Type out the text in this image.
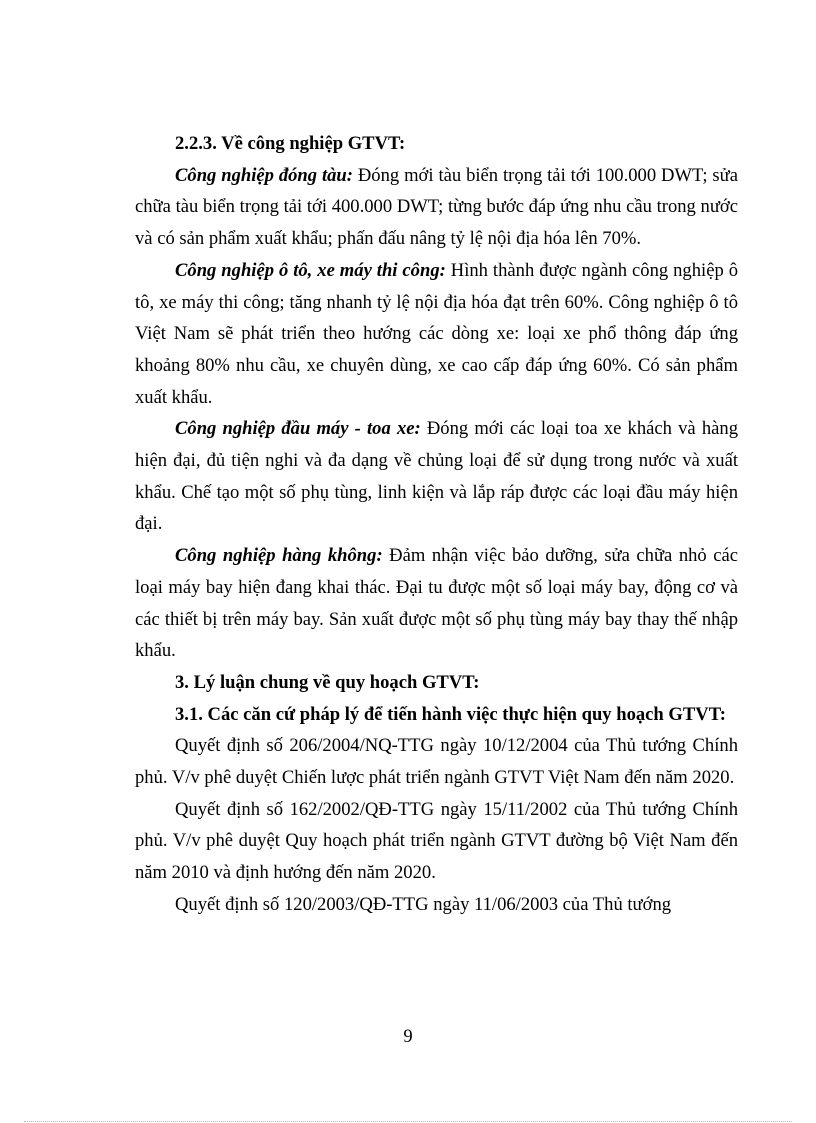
2.2.3. Về công nghiệp GTVT:

Công nghiệp đóng tàu: Đóng mới tàu biển trọng tải tới 100.000 DWT; sửa chữa tàu biển trọng tải tới 400.000 DWT; từng bước đáp ứng nhu cầu trong nước và có sản phẩm xuất khẩu; phấn đấu nâng tỷ lệ nội địa hóa lên 70%.

Công nghiệp ô tô, xe máy thi công: Hình thành được ngành công nghiệp ô tô, xe máy thi công; tăng nhanh tỷ lệ nội địa hóa đạt trên 60%. Công nghiệp ô tô Việt Nam sẽ phát triển theo hướng các dòng xe: loại xe phổ thông đáp ứng khoảng 80% nhu cầu, xe chuyên dùng, xe cao cấp đáp ứng 60%. Có sản phẩm xuất khẩu.

Công nghiệp đầu máy - toa xe: Đóng mới các loại toa xe khách và hàng hiện đại, đủ tiện nghi và đa dạng về chủng loại để sử dụng trong nước và xuất khẩu. Chế tạo một số phụ tùng, linh kiện và lắp ráp được các loại đầu máy hiện đại.

Công nghiệp hàng không: Đảm nhận việc bảo dưỡng, sửa chữa nhỏ các loại máy bay hiện đang khai thác. Đại tu được một số loại máy bay, động cơ và các thiết bị trên máy bay. Sản xuất được một số phụ tùng máy bay thay thế nhập khẩu.

3. Lý luận chung về quy hoạch GTVT:

3.1. Các căn cứ pháp lý để tiến hành việc thực hiện quy hoạch GTVT:

Quyết định số 206/2004/NQ-TTG ngày 10/12/2004 của Thủ tướng Chính phủ. V/v phê duyệt Chiến lược phát triển ngành GTVT Việt Nam đến năm 2020.

Quyết định số 162/2002/QĐ-TTG ngày 15/11/2002 của Thủ tướng Chính phủ. V/v phê duyệt Quy hoạch phát triển ngành GTVT đường bộ Việt Nam đến năm 2010 và định hướng đến năm 2020.

Quyết định số 120/2003/QĐ-TTG ngày 11/06/2003 của Thủ tướng

9
